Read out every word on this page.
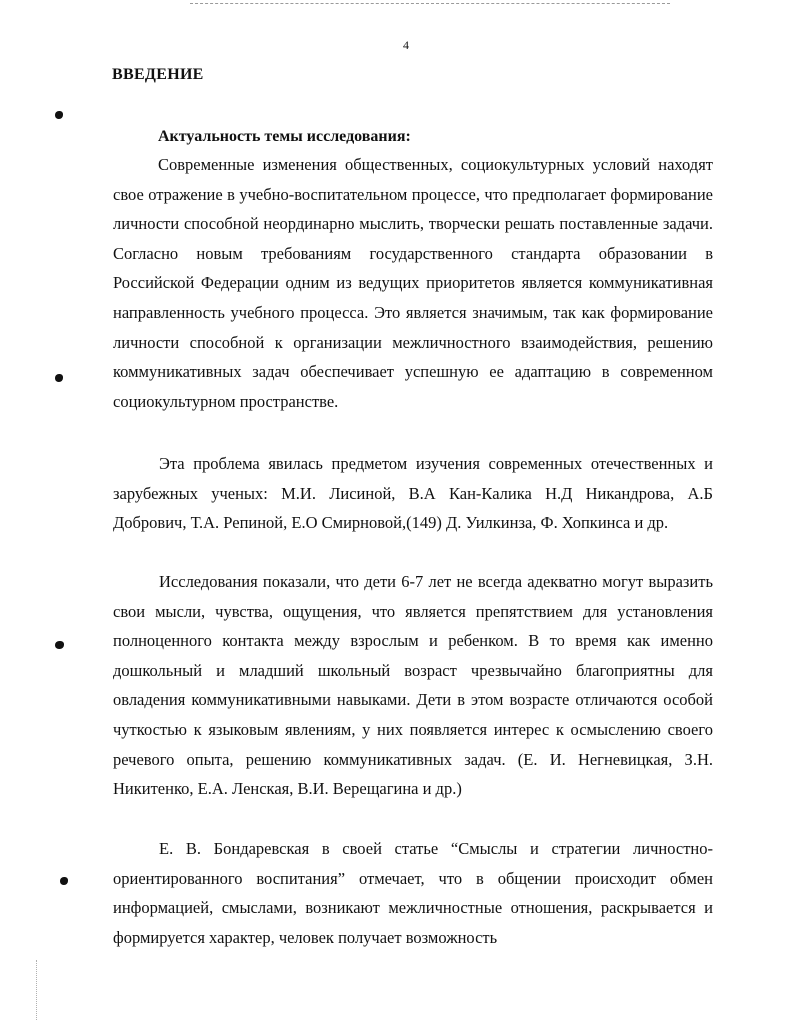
4
ВВЕДЕНИЕ
Актуальность темы исследования:

Современные изменения общественных, социокультурных условий находят свое отражение в учебно-воспитательном процессе, что предполагает формирование личности способной неординарно мыслить, творчески решать поставленные задачи. Согласно новым требованиям государственного стандарта образовании в Российской Федерации одним из ведущих приоритетов является коммуникативная направленность учебного процесса. Это является значимым, так как формирование личности способной к организации межличностного взаимодействия, решению коммуникативных задач обеспечивает успешную ее адаптацию в современном социокультурном пространстве.

Эта проблема явилась предметом изучения современных отечественных и зарубежных ученых: М.И. Лисиной, В.А Кан-Калика Н.Д Никандрова, А.Б Добрович, Т.А. Репиной, Е.О Смирновой,(149) Д. Уилкинза, Ф. Хопкинса и др.

Исследования показали, что дети 6-7 лет не всегда адекватно могут выразить свои мысли, чувства, ощущения, что является препятствием для установления полноценного контакта между взрослым и ребенком. В то время как именно дошкольный и младший школьный возраст чрезвычайно благоприятны для овладения коммуникативными навыками. Дети в этом возрасте отличаются особой чуткостью к языковым явлениям, у них появляется интерес к осмыслению своего речевого опыта, решению коммуникативных задач. (Е. И. Негневицкая, З.Н. Никитенко, Е.А. Ленская, В.И. Верещагина и др.)

Е. В. Бондаревская в своей статье “Смыслы и стратегии личностно-ориентированного воспитания” отмечает, что в общении происходит обмен информацией, смыслами, возникают межличностные отношения, раскрывается и формируется характер, человек получает возможность
